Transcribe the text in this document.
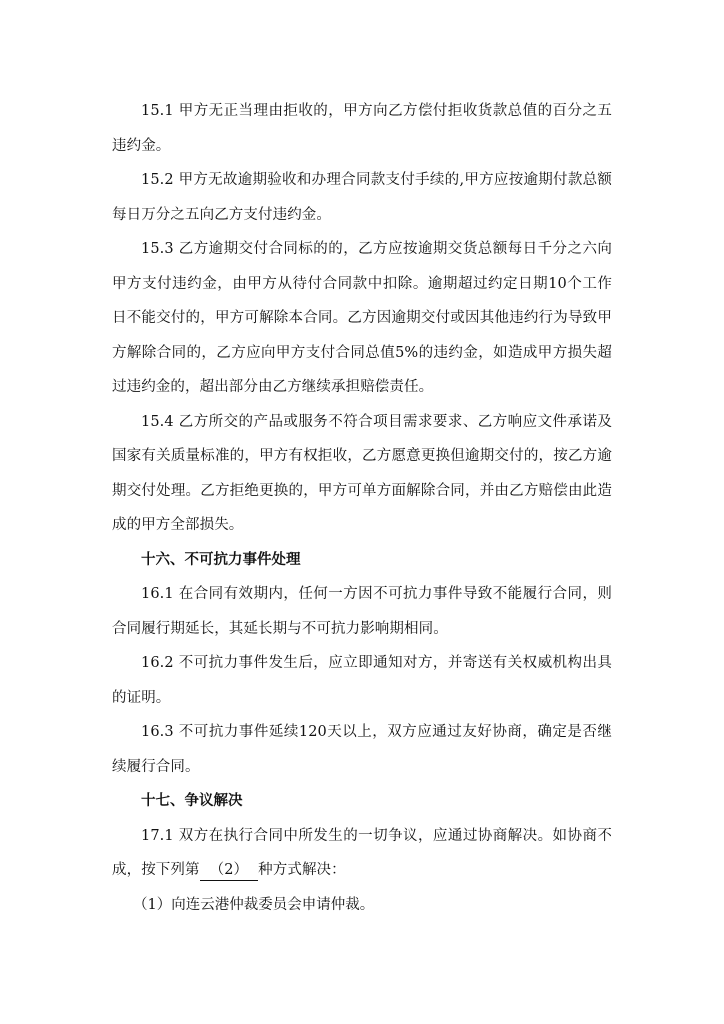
15.1 甲方无正当理由拒收的，甲方向乙方偿付拒收货款总值的百分之五违约金。

15.2 甲方无故逾期验收和办理合同款支付手续的,甲方应按逾期付款总额每日万分之五向乙方支付违约金。

15.3 乙方逾期交付合同标的的，乙方应按逾期交货总额每日千分之六向甲方支付违约金，由甲方从待付合同款中扣除。逾期超过约定日期10个工作日不能交付的，甲方可解除本合同。乙方因逾期交付或因其他违约行为导致甲方解除合同的，乙方应向甲方支付合同总值5%的违约金，如造成甲方损失超过违约金的，超出部分由乙方继续承担赔偿责任。

15.4 乙方所交的产品或服务不符合项目需求要求、乙方响应文件承诺及国家有关质量标准的，甲方有权拒收，乙方愿意更换但逾期交付的，按乙方逾期交付处理。乙方拒绝更换的，甲方可单方面解除合同，并由乙方赔偿由此造成的甲方全部损失。

十六、不可抗力事件处理

16.1 在合同有效期内，任何一方因不可抗力事件导致不能履行合同，则合同履行期延长，其延长期与不可抗力影响期相同。

16.2 不可抗力事件发生后，应立即通知对方，并寄送有关权威机构出具的证明。

16.3 不可抗力事件延续120天以上，双方应通过友好协商，确定是否继续履行合同。

十七、争议解决

17.1 双方在执行合同中所发生的一切争议，应通过协商解决。如协商不成，按下列第 （2） 种方式解决：

（1）向连云港仲裁委员会申请仲裁。
